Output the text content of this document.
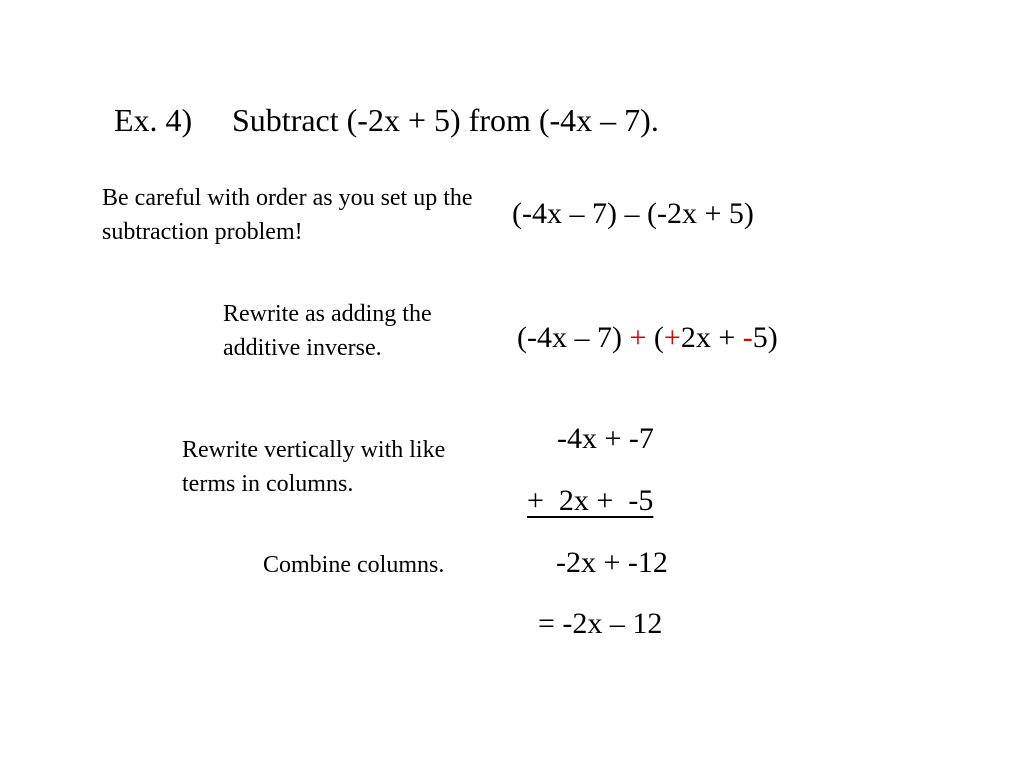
Ex. 4) Subtract (-2x + 5) from (-4x – 7).
Be careful with order as you set up the subtraction problem!
(-4x – 7) – (-2x + 5)
Rewrite as adding the additive inverse.	(-4x – 7) + (+2x + -5)
Rewrite vertically with like terms in columns.
-4x + -7
+  2x +  -5
Combine columns.	-2x + -12
= -2x – 12
